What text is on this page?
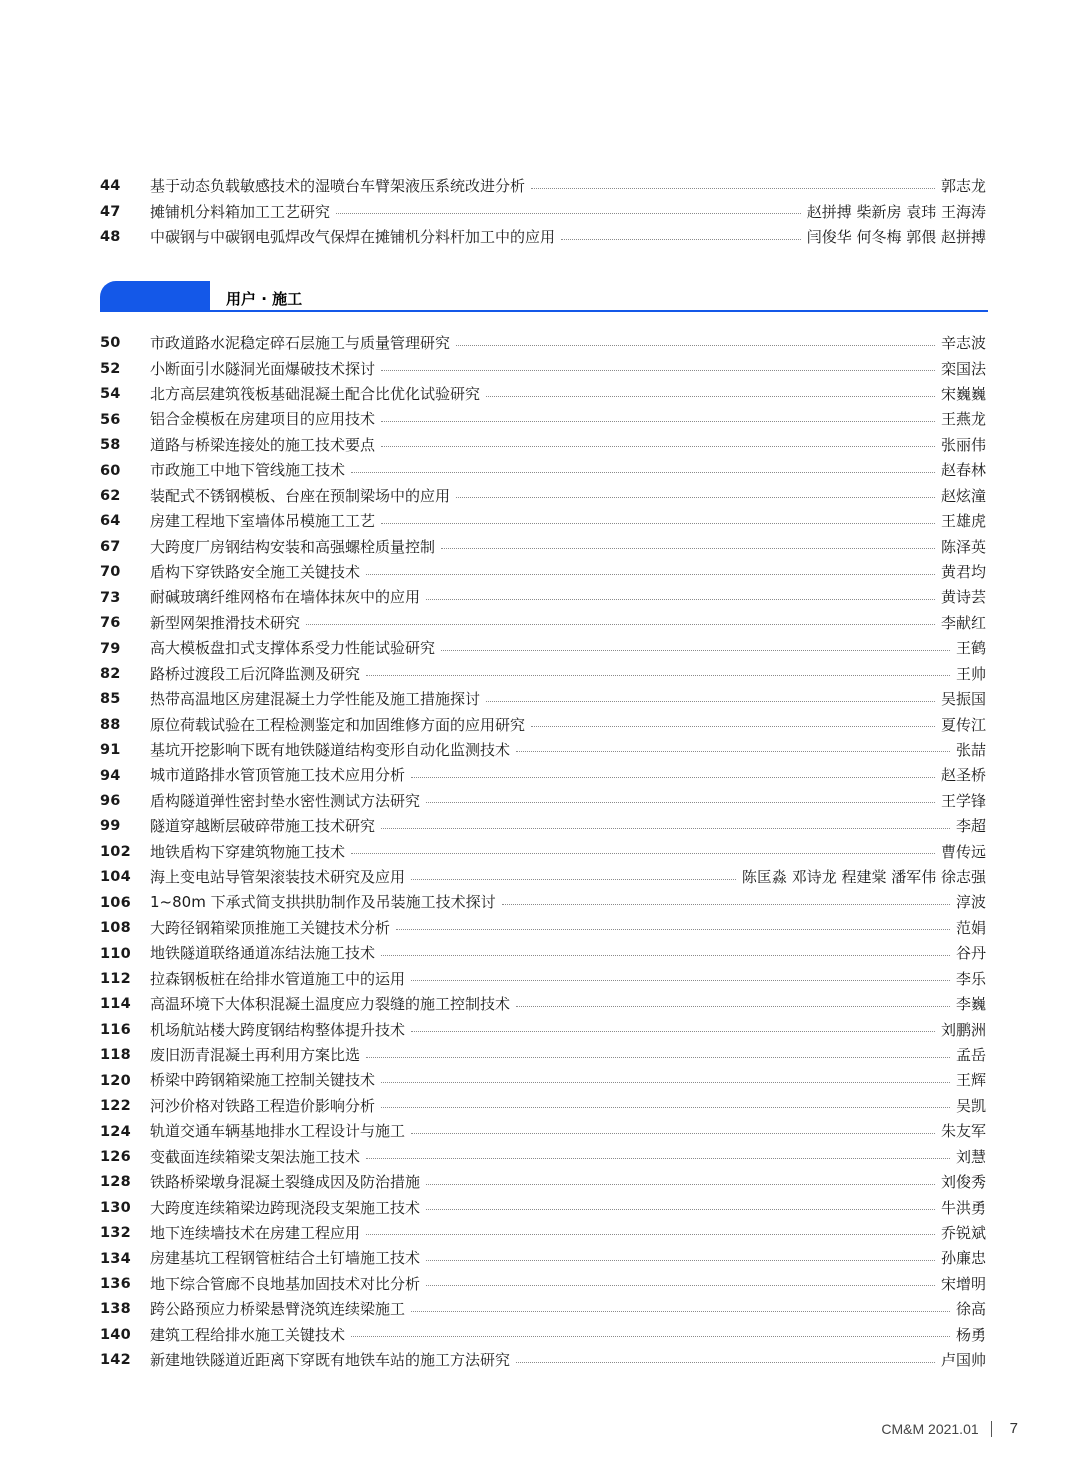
44	基于动态负载敏感技术的湿喷台车臂架液压系统改进分析	郭志龙
47	摊铺机分料箱加工工艺研究	赵拼搏 柴新房 袁玮 王海涛
48	中碳钢与中碳钢电弧焊改气保焊在摊铺机分料杆加工中的应用	闫俊华 何冬梅 郭偎 赵拼搏
用户 · 施工
50	市政道路水泥稳定碎石层施工与质量管理研究	辛志波
52	小断面引水隧洞光面爆破技术探讨	栾国法
54	北方高层建筑筏板基础混凝土配合比优化试验研究	宋巍巍
56	铝合金模板在房建项目的应用技术	王燕龙
58	道路与桥梁连接处的施工技术要点	张丽伟
60	市政施工中地下管线施工技术	赵春林
62	装配式不锈钢模板、台座在预制梁场中的应用	赵炫潼
64	房建工程地下室墙体吊模施工工艺	王雄虎
67	大跨度厂房钢结构安装和高强螺栓质量控制	陈泽英
70	盾构下穿铁路安全施工关键技术	黄君均
73	耐碱玻璃纤维网格布在墙体抹灰中的应用	黄诗芸
76	新型网架推滑技术研究	李献红
79	高大模板盘扣式支撑体系受力性能试验研究	王鹤
82	路桥过渡段工后沉降监测及研究	王帅
85	热带高温地区房建混凝土力学性能及施工措施探讨	吴振国
88	原位荷载试验在工程检测鉴定和加固维修方面的应用研究	夏传江
91	基坑开挖影响下既有地铁隧道结构变形自动化监测技术	张喆
94	城市道路排水管顶管施工技术应用分析	赵圣桥
96	盾构隧道弹性密封垫水密性测试方法研究	王学锋
99	隧道穿越断层破碎带施工技术研究	李超
102	地铁盾构下穿建筑物施工技术	曹传远
104	海上变电站导管架滚装技术研究及应用	陈匡淼 邓诗龙 程建棠 潘军伟 徐志强
106	1~80m 下承式简支拱拱肋制作及吊装施工技术探讨	淳波
108	大跨径钢箱梁顶推施工关键技术分析	范娟
110	地铁隧道联络通道冻结法施工技术	谷丹
112	拉森钢板桩在给排水管道施工中的运用	李乐
114	高温环境下大体积混凝土温度应力裂缝的施工控制技术	李巍
116	机场航站楼大跨度钢结构整体提升技术	刘鹏洲
118	废旧沥青混凝土再利用方案比选	孟岳
120	桥梁中跨钢箱梁施工控制关键技术	王辉
122	河沙价格对铁路工程造价影响分析	吴凯
124	轨道交通车辆基地排水工程设计与施工	朱友军
126	变截面连续箱梁支架法施工技术	刘慧
128	铁路桥梁墩身混凝土裂缝成因及防治措施	刘俊秀
130	大跨度连续箱梁边跨现浇段支架施工技术	牛洪勇
132	地下连续墙技术在房建工程应用	乔锐斌
134	房建基坑工程钢管桩结合土钉墙施工技术	孙廉忠
136	地下综合管廊不良地基加固技术对比分析	宋增明
138	跨公路预应力桥梁悬臂浇筑连续梁施工	徐高
140	建筑工程给排水施工关键技术	杨勇
142	新建地铁隧道近距离下穿既有地铁车站的施工方法研究	卢国帅
CM&M 2021.01 7
